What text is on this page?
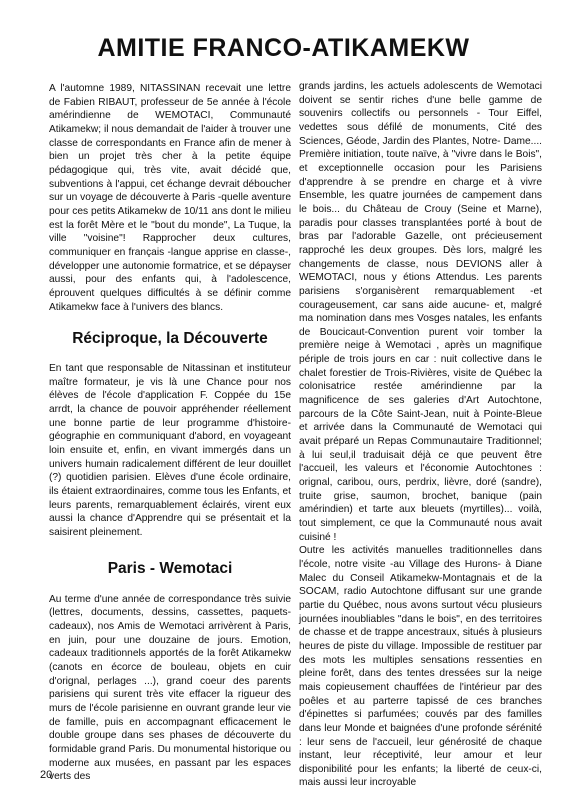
AMITIE FRANCO-ATIKAMEKW

A l'automne 1989, NITASSINAN recevait une lettre de Fabien RIBAUT, professeur de 5e année à l'école amérindienne de WEMOTACI, Communauté Atikamekw; il nous demandait de l'aider à trouver une classe de correspondants en France afin de mener à bien un projet très cher à la petite équipe pédagogique qui, très vite, avait décidé que, subventions à l'appui, cet échange devrait déboucher sur un voyage de découverte à Paris -quelle aventure pour ces petits Atikamekw de 10/11 ans dont le milieu est la forêt Mère et le "bout du monde", La Tuque, la ville "voisine"! Rapprocher deux cultures, communiquer en français -langue apprise en classe-, développer une autonomie formatrice, et se dépayser aussi, pour des enfants qui, à l'adolescence, éprouvent quelques difficultés à se définir comme Atikamekw face à l'univers des blancs.

Réciproque, la Découverte

En tant que responsable de Nitassinan et instituteur maître formateur, je vis là une Chance pour nos élèves de l'école d'application F. Coppée du 15e arrdt, la chance de pouvoir appréhender réellement une bonne partie de leur programme d'histoire-géographie en communiquant d'abord, en voyageant loin ensuite et, enfin, en vivant immergés dans un univers humain radicalement différent de leur douillet (?) quotidien parisien. Elèves d'une école ordinaire, ils étaient extraordinaires, comme tous les Enfants, et leurs parents, remarquablement éclairés, virent eux aussi la chance d'Apprendre qui se présentait et la saisirent pleinement.

Paris - Wemotaci

Au terme d'une année de correspondance très suivie (lettres, documents, dessins, cassettes, paquets-cadeaux), nos Amis de Wemotaci arrivèrent à Paris, en juin, pour une douzaine de jours. Emotion, cadeaux traditionnels apportés de la forêt Atikamekw (canots en écorce de bouleau, objets en cuir d'orignal, perlages ...), grand coeur des parents parisiens qui surent très vite effacer la rigueur des murs de l'école parisienne en ouvrant grande leur vie de famille, puis en accompagnant efficacement le double groupe dans ses phases de découverte du formidable grand Paris. Du monumental historique ou moderne aux musées, en passant par les espaces verts des

grands jardins, les actuels adolescents de Wemotaci doivent se sentir riches d'une belle gamme de souvenirs collectifs ou personnels - Tour Eiffel, vedettes sous défilé de monuments, Cité des Sciences, Géode, Jardin des Plantes, Notre- Dame.... Première initiation, toute naïve, à "vivre dans le Bois", et exceptionnelle occasion pour les Parisiens d'apprendre à se prendre en charge et à vivre Ensemble, les quatre journées de campement dans le bois... du Château de Crouy (Seine et Marne), paradis pour classes transplantées porté à bout de bras par l'adorable Gazelle, ont précieusement rapproché les deux groupes. Dès lors, malgré les changements de classe, nous DEVIONS aller à WEMOTACI, nous y étions Attendus. Les parents parisiens s'organisèrent remarquablement -et courageusement, car sans aide aucune- et, malgré ma nomination dans mes Vosges natales, les enfants de Boucicaut-Convention purent voir tomber la première neige à Wemotaci , après un magnifique périple de trois jours en car : nuit collective dans le chalet forestier de Trois-Rivières, visite de Québec la colonisatrice restée amérindienne par la magnificence de ses galeries d'Art Autochtone, parcours de la Côte Saint-Jean, nuit à Pointe-Bleue et arrivée dans la Communauté de Wemotaci qui avait préparé un Repas Communautaire Traditionnel; à lui seul,il traduisait déjà ce que peuvent être l'accueil, les valeurs et l'économie Autochtones : orignal, caribou, ours, perdrix, lièvre, doré (sandre), truite grise, saumon, brochet, banique (pain amérindien) et tarte aux bleuets (myrtilles)... voilà, tout simplement, ce que la Communauté nous avait cuisiné !

Outre les activités manuelles traditionnelles dans l'école, notre visite -au Village des Hurons- à Diane Malec du Conseil Atikamekw-Montagnais et de la SOCAM, radio Autochtone diffusant sur une grande partie du Québec, nous avons surtout vécu plusieurs journées inoubliables "dans le bois", en des territoires de chasse et de trappe ancestraux, situés à plusieurs heures de piste du village. Impossible de restituer par des mots les multiples sensations ressenties en pleine forêt, dans des tentes dressées sur la neige mais copieusement chauffées de l'intérieur par des poêles et au parterre tapissé de ces branches d'épinettes si parfumées; couvés par des familles dans leur Monde et baignées d'une profonde sérénité : leur sens de l'accueil, leur générosité de chaque instant, leur réceptivité, leur amour et leur disponibilité pour les enfants; la liberté de ceux-ci, mais aussi leur incroyable

20
